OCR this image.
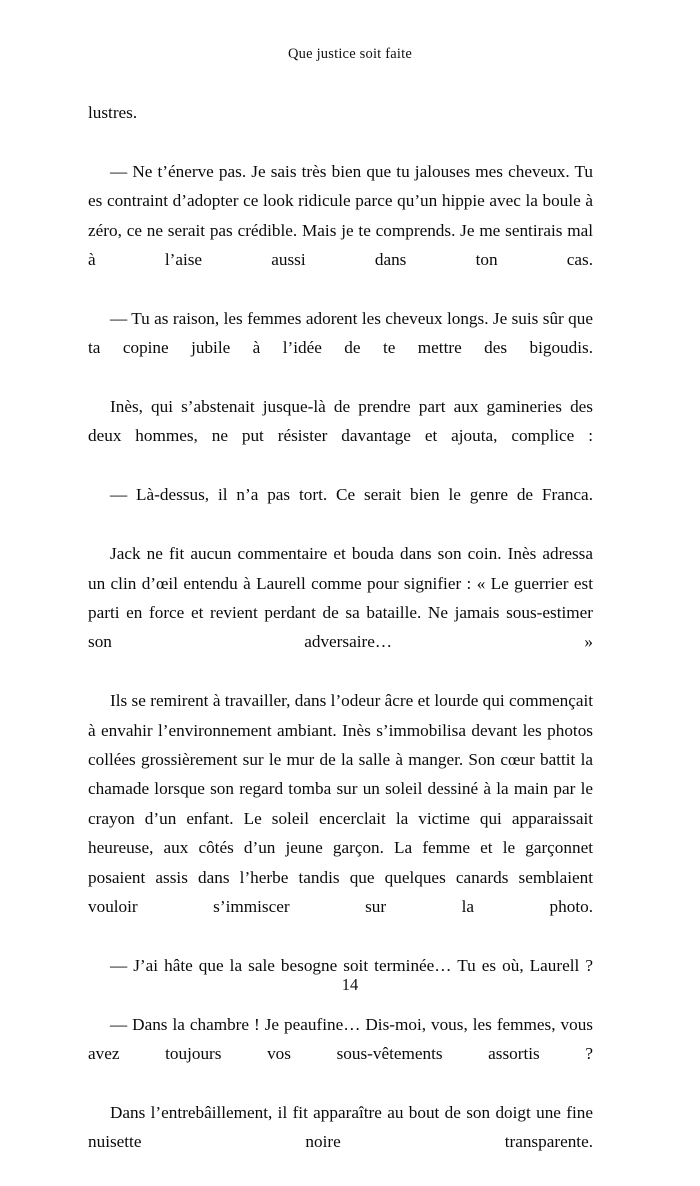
Que justice soit faite

lustres.

— Ne t’énerve pas. Je sais très bien que tu jalouses mes cheveux. Tu es contraint d’adopter ce look ridicule parce qu’un hippie avec la boule à zéro, ce ne serait pas crédible. Mais je te comprends. Je me sentirais mal à l’aise aussi dans ton cas.

— Tu as raison, les femmes adorent les cheveux longs. Je suis sûr que ta copine jubile à l’idée de te mettre des bigoudis.

Inès, qui s’abstenait jusque-là de prendre part aux gamineries des deux hommes, ne put résister davantage et ajouta, complice :

— Là-dessus, il n’a pas tort. Ce serait bien le genre de Franca.

Jack ne fit aucun commentaire et bouda dans son coin. Inès adressa un clin d’œil entendu à Laurell comme pour signifier : « Le guerrier est parti en force et revient perdant de sa bataille. Ne jamais sous-estimer son adversaire… »

Ils se remirent à travailler, dans l’odeur âcre et lourde qui commençait à envahir l’environnement ambiant. Inès s’immobilisa devant les photos collées grossièrement sur le mur de la salle à manger. Son cœur battit la chamade lorsque son regard tomba sur un soleil dessiné à la main par le crayon d’un enfant. Le soleil encerclait la victime qui apparaissait heureuse, aux côtés d’un jeune garçon. La femme et le garçonnet posaient assis dans l’herbe tandis que quelques canards semblaient vouloir s’immiscer sur la photo.

— J’ai hâte que la sale besogne soit terminée… Tu es où, Laurell ?

— Dans la chambre ! Je peaufine… Dis-moi, vous, les femmes, vous avez toujours vos sous-vêtements assortis ?

Dans l’entrebâillement, il fit apparaître au bout de son doigt une fine nuisette noire transparente.

14
